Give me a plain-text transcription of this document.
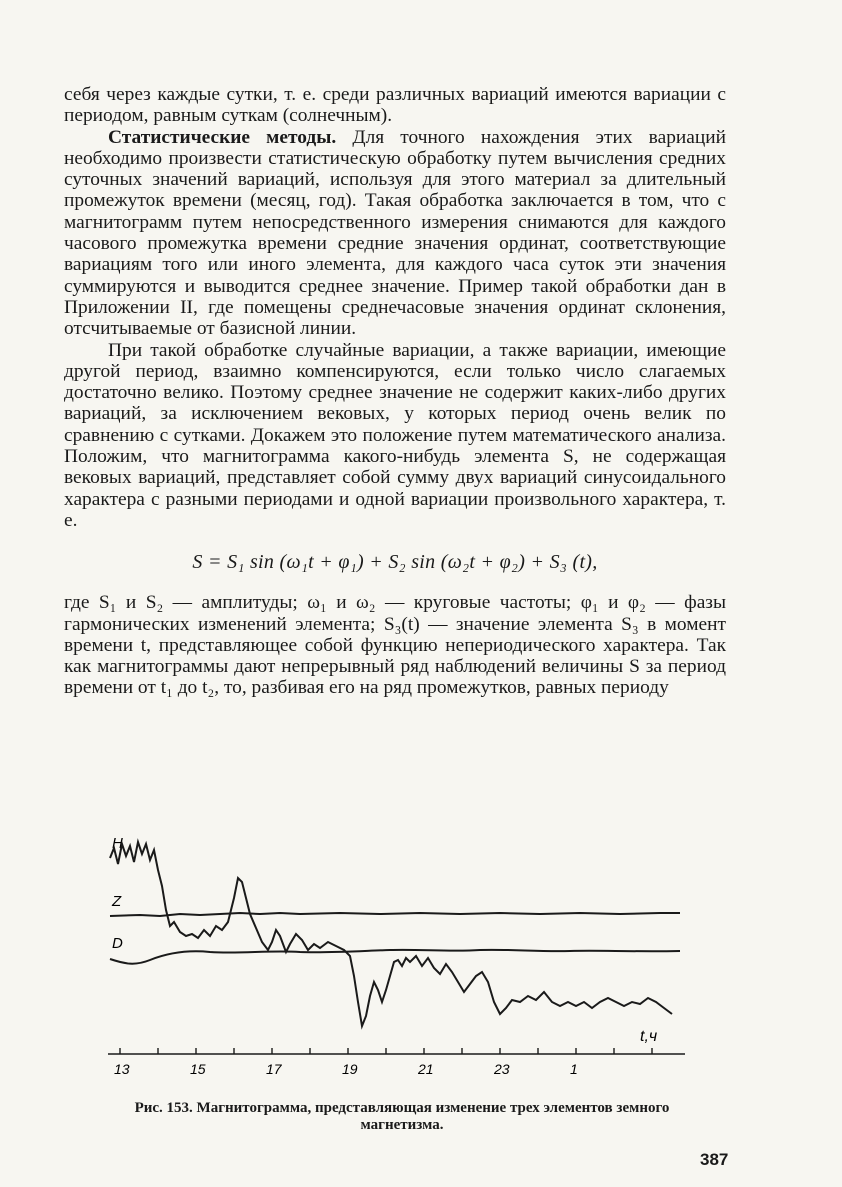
себя через каждые сутки, т. е. среди различных вариаций имеются вариации с периодом, равным суткам (солнечным).

Статистические методы. Для точного нахождения этих вариаций необходимо произвести статистическую обработку путем вычисления средних суточных значений вариаций, используя для этого материал за длительный промежуток времени (месяц, год). Такая обработка заключается в том, что с магнитограмм путем непосредственного измерения снимаются для каждого часового промежутка времени средние значения ординат, соответствующие вариациям того или иного элемента, для каждого часа суток эти значения суммируются и выводится среднее значение. Пример такой обработки дан в Приложении II, где помещены среднечасовые значения ординат склонения, отсчитываемые от базисной линии.

При такой обработке случайные вариации, а также вариации, имеющие другой период, взаимно компенсируются, если только число слагаемых достаточно велико. Поэтому среднее значение не содержит каких-либо других вариаций, за исключением вековых, у которых период очень велик по сравнению с сутками. Докажем это положение путем математического анализа. Положим, что магнитограмма какого-нибудь элемента S, не содержащая вековых вариаций, представляет собой сумму двух вариаций синусоидального характера с разными периодами и одной вариации произвольного характера, т. е.

S = S₁ sin (ω₁t + φ₁) + S₂ sin (ω₂t + φ₂) + S₃ (t),

где S₁ и S₂ — амплитуды; ω₁ и ω₂ — круговые частоты; φ₁ и φ₂ — фазы гармонических изменений элемента; S₃(t) — значение элемента S₃ в момент времени t, представляющее собой функцию непериодического характера. Так как магнитограммы дают непрерывный ряд наблюдений величины S за период времени от t₁ до t₂, то, разбивая его на ряд промежутков, равных периоду

H
Z
D
t,ч
13	15	17	19	21	23	1
Рис. 153. Магнитограмма, представляющая изменение трех элементов земного
магнетизма.
387
